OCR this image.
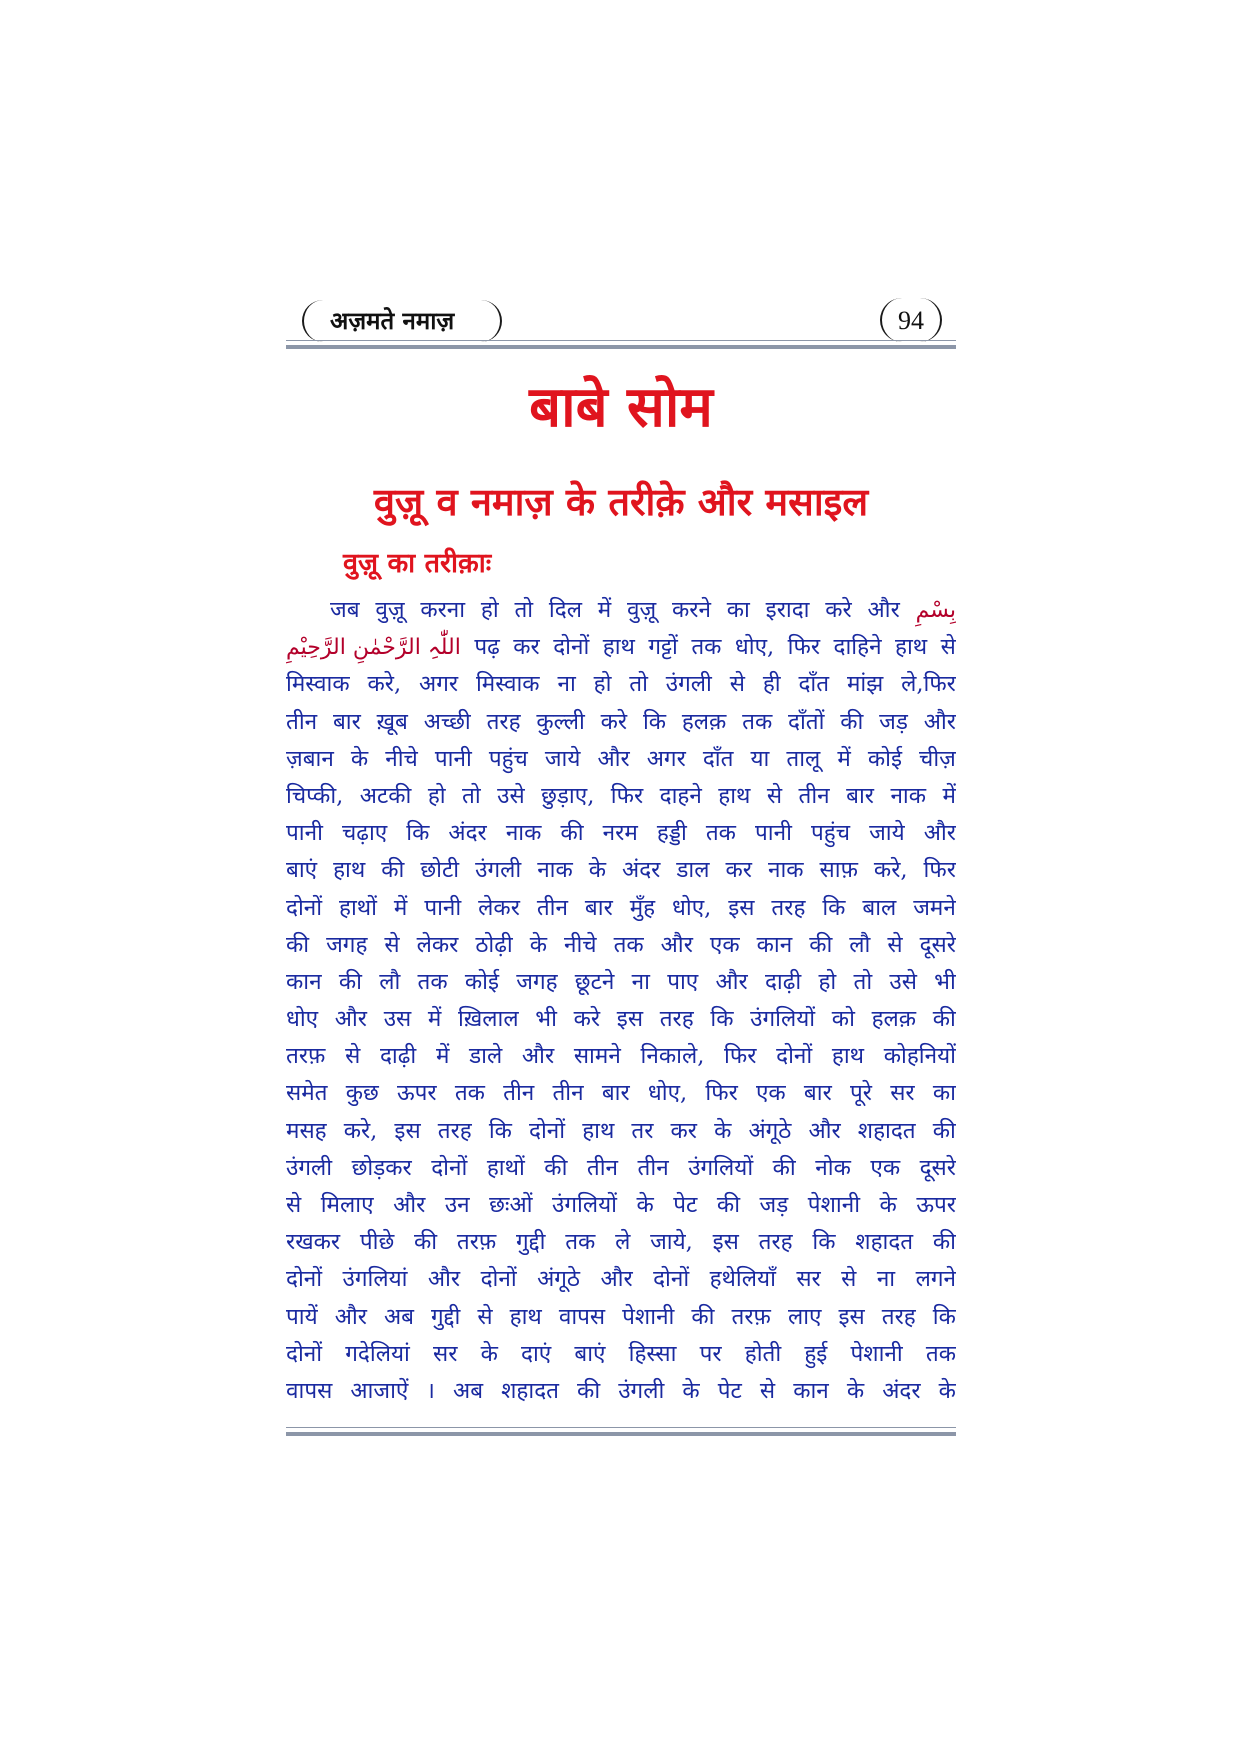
अज़मते नमाज़	94
बाबे सोम
वुज़ू व नमाज़ के तरीक़े और मसाइल
वुज़ू का तरीक़ाः
जब वुज़ू करना हो तो दिल में वुज़ू करने का इरादा करे और بِسْمِ
اللّٰہِ الرَّحْمٰنِ الرَّحِیْمِ पढ़ कर दोनों हाथ गट्टों तक धोए, फिर दाहिने हाथ से
मिस्वाक करे, अगर मिस्वाक ना हो तो उंगली से ही दाँत मांझ ले,फिर
तीन बार ख़ूब अच्छी तरह कुल्ली करे कि हलक़ तक दाँतों की जड़ और
ज़बान के नीचे पानी पहुंच जाये और अगर दाँत या तालू में कोई चीज़
चिप्की, अटकी हो तो उसे छुड़ाए, फिर दाहने हाथ से तीन बार नाक में
पानी चढ़ाए कि अंदर नाक की नरम हड्डी तक पानी पहुंच जाये और
बाएं हाथ की छोटी उंगली नाक के अंदर डाल कर नाक साफ़ करे, फिर
दोनों हाथों में पानी लेकर तीन बार मुँह धोए, इस तरह कि बाल जमने
की जगह से लेकर ठोढ़ी के नीचे तक और एक कान की लौ से दूसरे
कान की लौ तक कोई जगह छूटने ना पाए और दाढ़ी हो तो उसे भी
धोए और उस में ख़िलाल भी करे इस तरह कि उंगलियों को हलक़ की
तरफ़ से दाढ़ी में डाले और सामने निकाले, फिर दोनों हाथ कोहनियों
समेत कुछ ऊपर तक तीन तीन बार धोए, फिर एक बार पूरे सर का
मसह करे, इस तरह कि दोनों हाथ तर कर के अंगूठे और शहादत की
उंगली छोड़कर दोनों हाथों की तीन तीन उंगलियों की नोक एक दूसरे
से मिलाए और उन छःओं उंगलियों के पेट की जड़ पेशानी के ऊपर
रखकर पीछे की तरफ़ गुद्दी तक ले जाये, इस तरह कि शहादत की
दोनों उंगलियां और दोनों अंगूठे और दोनों हथेलियाँ सर से ना लगने
पायें और अब गुद्दी से हाथ वापस पेशानी की तरफ़ लाए इस तरह कि
दोनों गदेलियां सर के दाएं बाएं हिस्सा पर होती हुई पेशानी तक
वापस आजाऐं । अब शहादत की उंगली के पेट से कान के अंदर के
